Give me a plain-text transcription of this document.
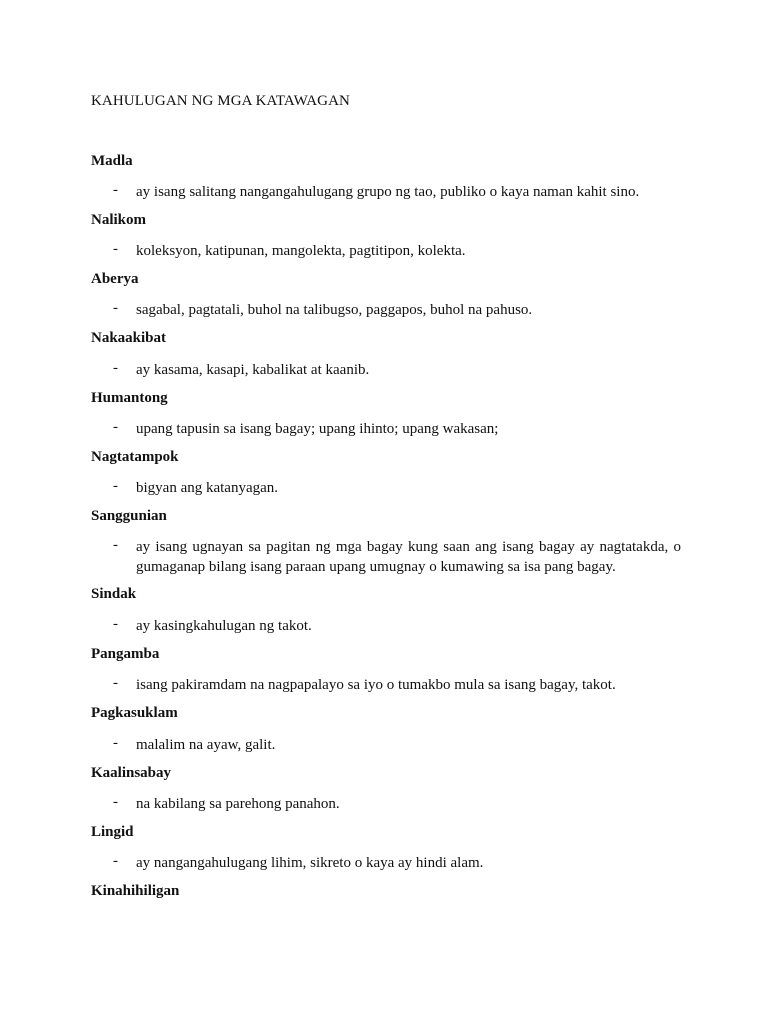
KAHULUGAN NG MGA KATAWAGAN
Madla
- ay isang salitang nangangahulugang grupo ng tao, publiko o kaya naman kahit sino.
Nalikom
- koleksyon, katipunan, mangolekta, pagtitipon, kolekta.
Aberya
- sagabal, pagtatali, buhol na talibugso, paggapos, buhol na pahuso.
Nakaakibat
- ay kasama, kasapi, kabalikat at kaanib.
Humantong
- upang tapusin sa isang bagay; upang ihinto; upang wakasan;
Nagtatampok
- bigyan ang katanyagan.
Sanggunian
- ay isang ugnayan sa pagitan ng mga bagay kung saan ang isang bagay ay nagtatakda, o gumaganap bilang isang paraan upang umugnay o kumawing sa isa pang bagay.
Sindak
- ay kasingkahulugan ng takot.
Pangamba
- isang pakiramdam na nagpapalayo sa iyo o tumakbo mula sa isang bagay, takot.
Pagkasuklam
- malalim na ayaw, galit.
Kaalinsabay
- na kabilang sa parehong panahon.
Lingid
- ay nangangahulugang lihim, sikreto o kaya ay hindi alam.
Kinahihiligan
